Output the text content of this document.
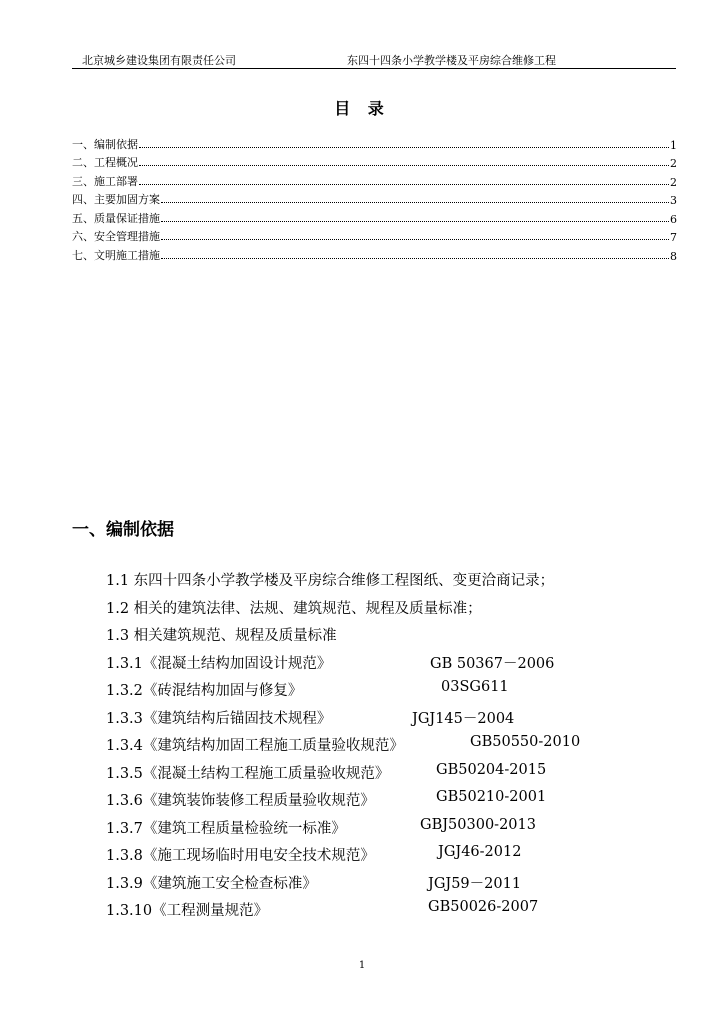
北京城乡建设集团有限责任公司	东四十四条小学教学楼及平房综合维修工程
目 录
一、编制依据	1
二、工程概况	2
三、施工部署	2
四、主要加固方案	3
五、质量保证措施	6
六、安全管理措施	7
七、文明施工措施	8
一、编制依据
1.1 东四十四条小学教学楼及平房综合维修工程图纸、变更洽商记录；
1.2 相关的建筑法律、法规、建筑规范、规程及质量标准；
1.3 相关建筑规范、规程及质量标准
1.3.1《混凝土结构加固设计规范》	GB 50367－2006
1.3.2《砖混结构加固与修复》	03SG611
1.3.3《建筑结构后锚固技术规程》	JGJ145－2004
1.3.4《建筑结构加固工程施工质量验收规范》	GB50550-2010
1.3.5《混凝土结构工程施工质量验收规范》	GB50204-2015
1.3.6《建筑装饰装修工程质量验收规范》	GB50210-2001
1.3.7《建筑工程质量检验统一标准》	GBJ50300-2013
1.3.8《施工现场临时用电安全技术规范》	JGJ46-2012
1.3.9《建筑施工安全检查标准》	JGJ59－2011
1.3.10《工程测量规范》	GB50026-2007
1
